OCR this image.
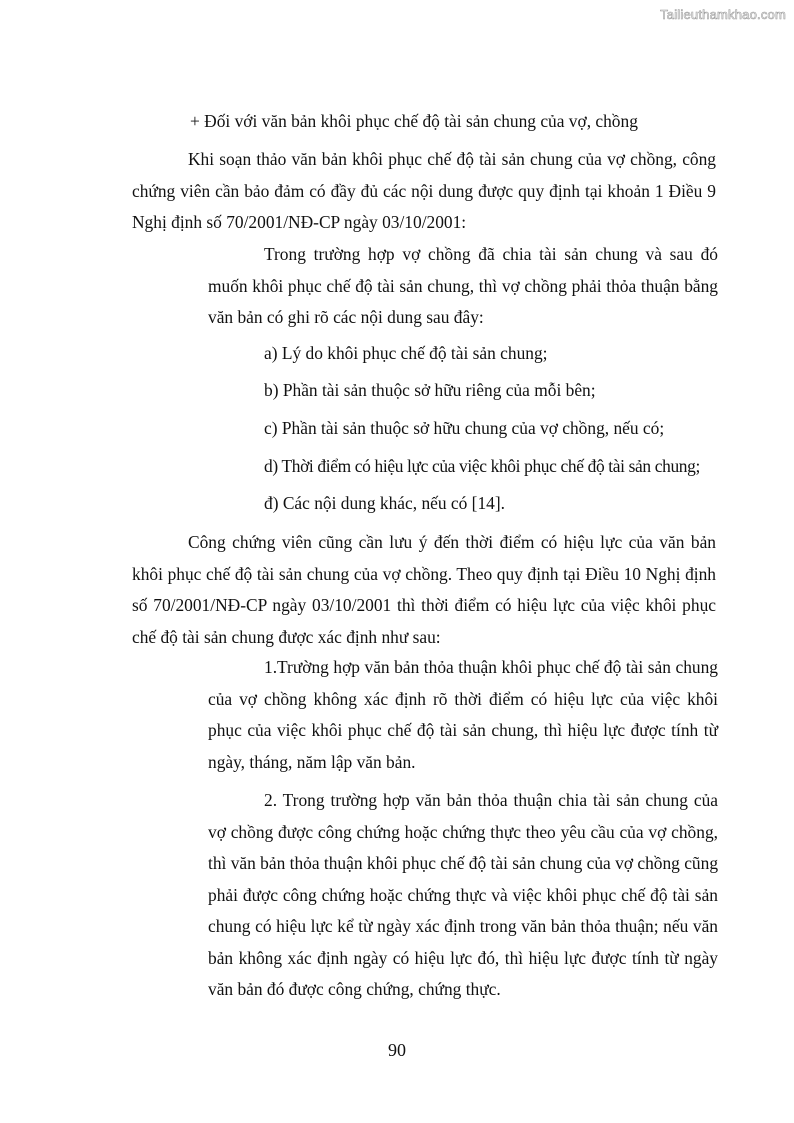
Tailieuthamkhao.com
+ Đối với văn bản khôi phục chế độ tài sản chung của vợ, chồng

Khi soạn thảo văn bản khôi phục chế độ tài sản chung của vợ chồng, công chứng viên cần bảo đảm có đầy đủ các nội dung được quy định tại khoản 1 Điều 9 Nghị định số 70/2001/NĐ-CP ngày 03/10/2001:

Trong trường hợp vợ chồng đã chia tài sản chung và sau đó muốn khôi phục chế độ tài sản chung, thì vợ chồng phải thỏa thuận bằng văn bản có ghi rõ các nội dung sau đây:

a) Lý do khôi phục chế độ tài sản chung;

b) Phần tài sản thuộc sở hữu riêng của mỗi bên;

c) Phần tài sản thuộc sở hữu chung của vợ chồng, nếu có;

d) Thời điểm có hiệu lực của việc khôi phục chế độ tài sản chung;

đ) Các nội dung khác, nếu có [14].

Công chứng viên cũng cần lưu ý đến thời điểm có hiệu lực của văn bản khôi phục chế độ tài sản chung của vợ chồng. Theo quy định tại Điều 10 Nghị định số 70/2001/NĐ-CP ngày 03/10/2001 thì thời điểm có hiệu lực của việc khôi phục chế độ tài sản chung được xác định như sau:

1.Trường hợp văn bản thỏa thuận khôi phục chế độ tài sản chung của vợ chồng không xác định rõ thời điểm có hiệu lực của việc khôi phục của việc khôi phục chế độ tài sản chung, thì hiệu lực được tính từ ngày, tháng, năm lập văn bản.

2. Trong trường hợp văn bản thỏa thuận chia tài sản chung của vợ chồng được công chứng hoặc chứng thực theo yêu cầu của vợ chồng, thì văn bản thỏa thuận khôi phục chế độ tài sản chung của vợ chồng cũng phải được công chứng hoặc chứng thực và việc khôi phục chế độ tài sản chung có hiệu lực kể từ ngày xác định trong văn bản thỏa thuận; nếu văn bản không xác định ngày có hiệu lực đó, thì hiệu lực được tính từ ngày văn bản đó được công chứng, chứng thực.

90
